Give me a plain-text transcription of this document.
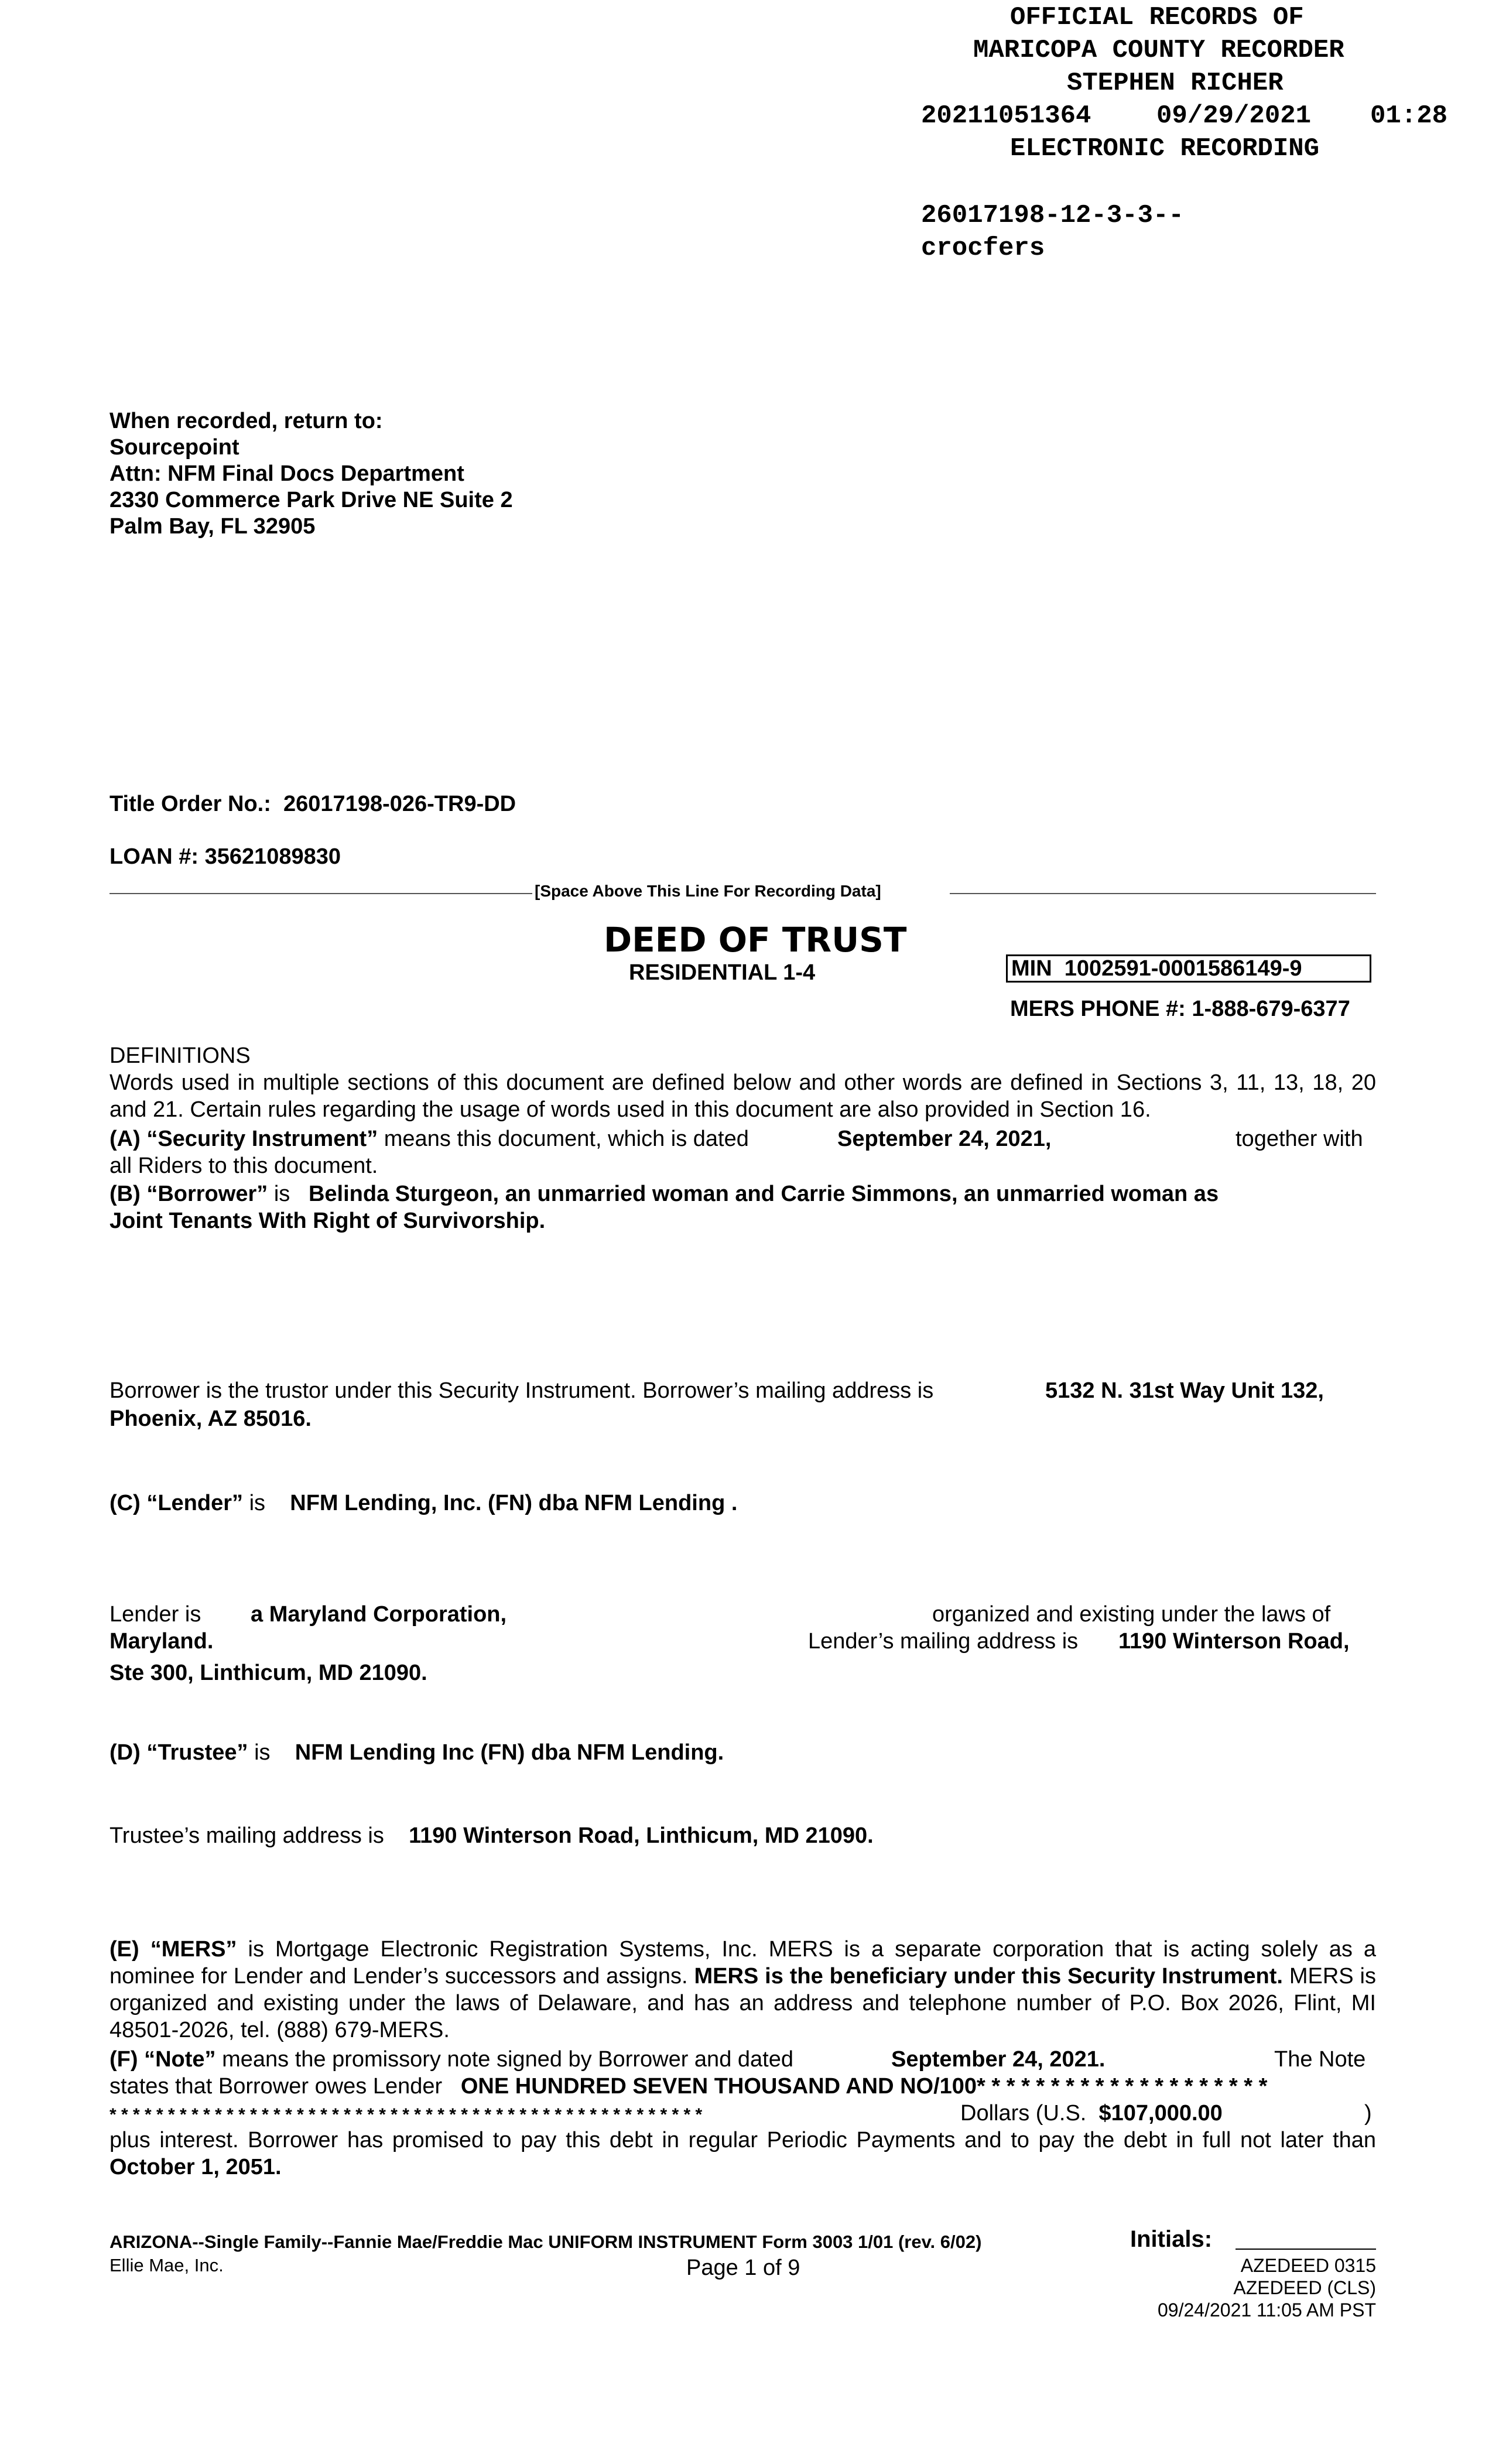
OFFICIAL RECORDS OF
MARICOPA COUNTY RECORDER
STEPHEN RICHER
20211051364	09/29/2021 01:28
ELECTRONIC RECORDING
26017198-12-3-3--
crocfers
When recorded, return to:
Sourcepoint
Attn: NFM Final Docs Department
2330 Commerce Park Drive NE Suite 2
Palm Bay, FL 32905
Title Order No.: 26017198-026-TR9-DD
LOAN #: 35621089830
[Space Above This Line For Recording Data]
DEED OF TRUST
RESIDENTIAL 1-4	MIN 1002591-0001586149-9
MERS PHONE #: 1-888-679-6377
DEFINITIONS
Words used in multiple sections of this document are defined below and other words are defined in Sections 3, 11, 13, 18, 20 and 21. Certain rules regarding the usage of words used in this document are also provided in Section 16.
(A) “Security Instrument” means this document, which is dated	September 24, 2021,	together with
all Riders to this document.
(B) “Borrower” is Belinda Sturgeon, an unmarried woman and Carrie Simmons, an unmarried woman as
Joint Tenants With Right of Survivorship.
Borrower is the trustor under this Security Instrument. Borrower’s mailing address is	5132 N. 31st Way Unit 132,
Phoenix, AZ 85016.
(C) “Lender” is NFM Lending, Inc. (FN) dba NFM Lending .
Lender is a Maryland Corporation,	organized and existing under the laws of
Maryland.	Lender’s mailing address is 1190 Winterson Road,
Ste 300, Linthicum, MD 21090.
(D) “Trustee” is NFM Lending Inc (FN) dba NFM Lending.
Trustee’s mailing address is 1190 Winterson Road, Linthicum, MD 21090.
(E) “MERS” is Mortgage Electronic Registration Systems, Inc. MERS is a separate corporation that is acting solely as a nominee for Lender and Lender’s successors and assigns. MERS is the beneficiary under this Security Instrument. MERS is organized and existing under the laws of Delaware, and has an address and telephone number of P.O. Box 2026, Flint, MI 48501-2026, tel. (888) 679-MERS.
(F) “Note” means the promissory note signed by Borrower and dated	September 24, 2021.	The Note
states that Borrower owes Lender ONE HUNDRED SEVEN THOUSAND AND NO/100* * * * * * * * * * * * * * * * * * * *
* * * * * * * * * * * * * * * * * * * * * * * * * * * * * * * * * * * * * * * * * * * * * * * * * * *	Dollars (U.S. $107,000.00	)
plus interest. Borrower has promised to pay this debt in regular Periodic Payments and to pay the debt in full not later than October 1, 2051.
ARIZONA--Single Family--Fannie Mae/Freddie Mac UNIFORM INSTRUMENT Form 3003 1/01 (rev. 6/02)
Ellie Mae, Inc.	Page 1 of 9
Initials:
AZEDEED 0315
AZEDEED (CLS)
09/24/2021 11:05 AM PST
